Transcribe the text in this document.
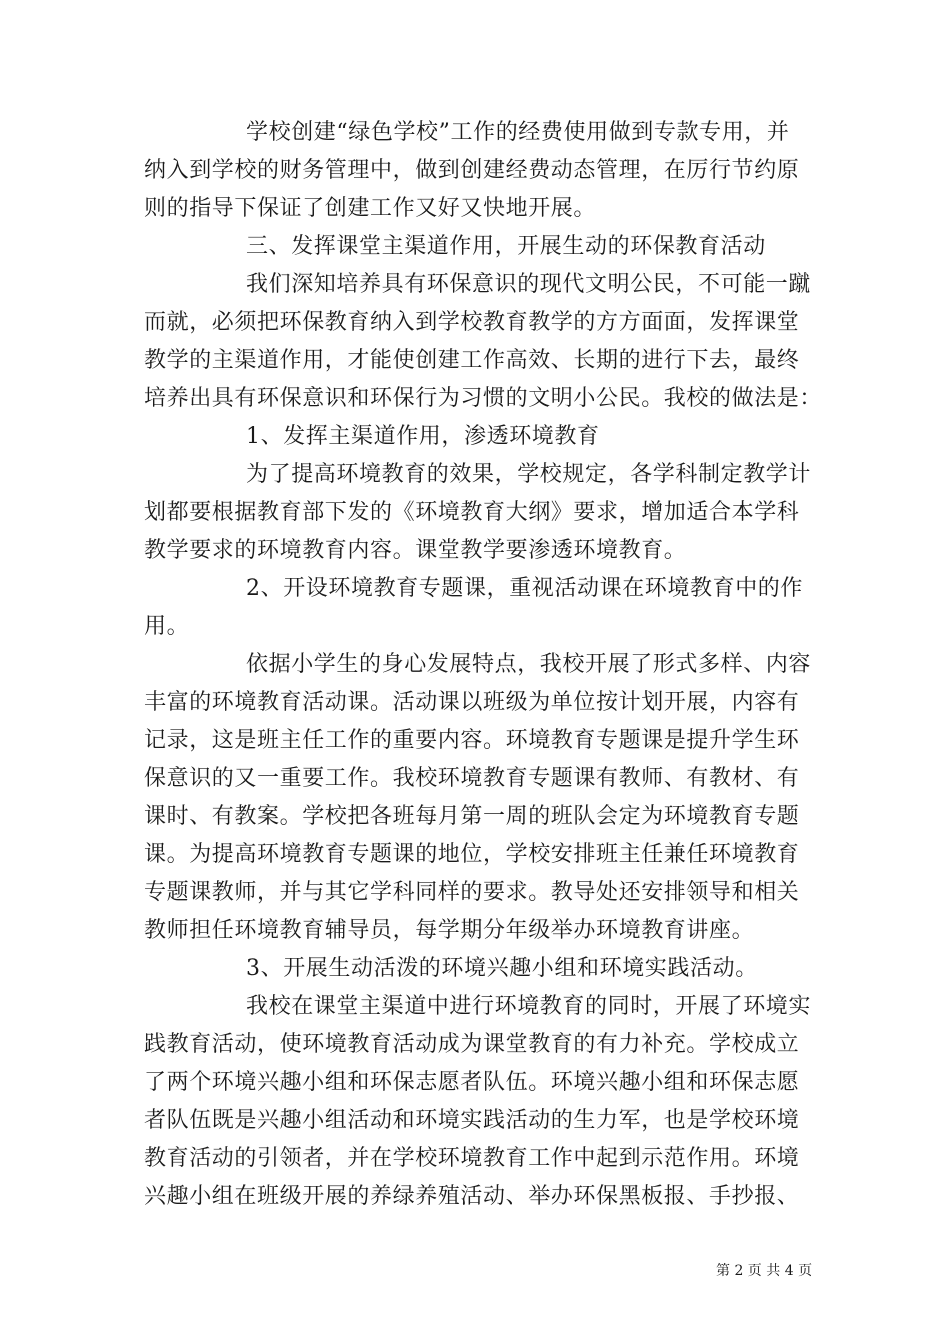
学校创建“绿色学校”工作的经费使用做到专款专用，并
纳入到学校的财务管理中，做到创建经费动态管理，在厉行节约原
则的指导下保证了创建工作又好又快地开展。
三、发挥课堂主渠道作用，开展生动的环保教育活动
我们深知培养具有环保意识的现代文明公民，不可能一蹴
而就，必须把环保教育纳入到学校教育教学的方方面面，发挥课堂
教学的主渠道作用，才能使创建工作高效、长期的进行下去，最终
培养出具有环保意识和环保行为习惯的文明小公民。我校的做法是：
1、发挥主渠道作用，渗透环境教育
为了提高环境教育的效果，学校规定，各学科制定教学计
划都要根据教育部下发的《环境教育大纲》要求，增加适合本学科
教学要求的环境教育内容。课堂教学要渗透环境教育。
2、开设环境教育专题课，重视活动课在环境教育中的作
用。
依据小学生的身心发展特点，我校开展了形式多样、内容
丰富的环境教育活动课。活动课以班级为单位按计划开展，内容有
记录，这是班主任工作的重要内容。环境教育专题课是提升学生环
保意识的又一重要工作。我校环境教育专题课有教师、有教材、有
课时、有教案。学校把各班每月第一周的班队会定为环境教育专题
课。为提高环境教育专题课的地位，学校安排班主任兼任环境教育
专题课教师，并与其它学科同样的要求。教导处还安排领导和相关
教师担任环境教育辅导员，每学期分年级举办环境教育讲座。
3、开展生动活泼的环境兴趣小组和环境实践活动。
我校在课堂主渠道中进行环境教育的同时，开展了环境实
践教育活动，使环境教育活动成为课堂教育的有力补充。学校成立
了两个环境兴趣小组和环保志愿者队伍。环境兴趣小组和环保志愿
者队伍既是兴趣小组活动和环境实践活动的生力军，也是学校环境
教育活动的引领者，并在学校环境教育工作中起到示范作用。环境
兴趣小组在班级开展的养绿养殖活动、举办环保黑板报、手抄报、
第 2 页 共 4 页
